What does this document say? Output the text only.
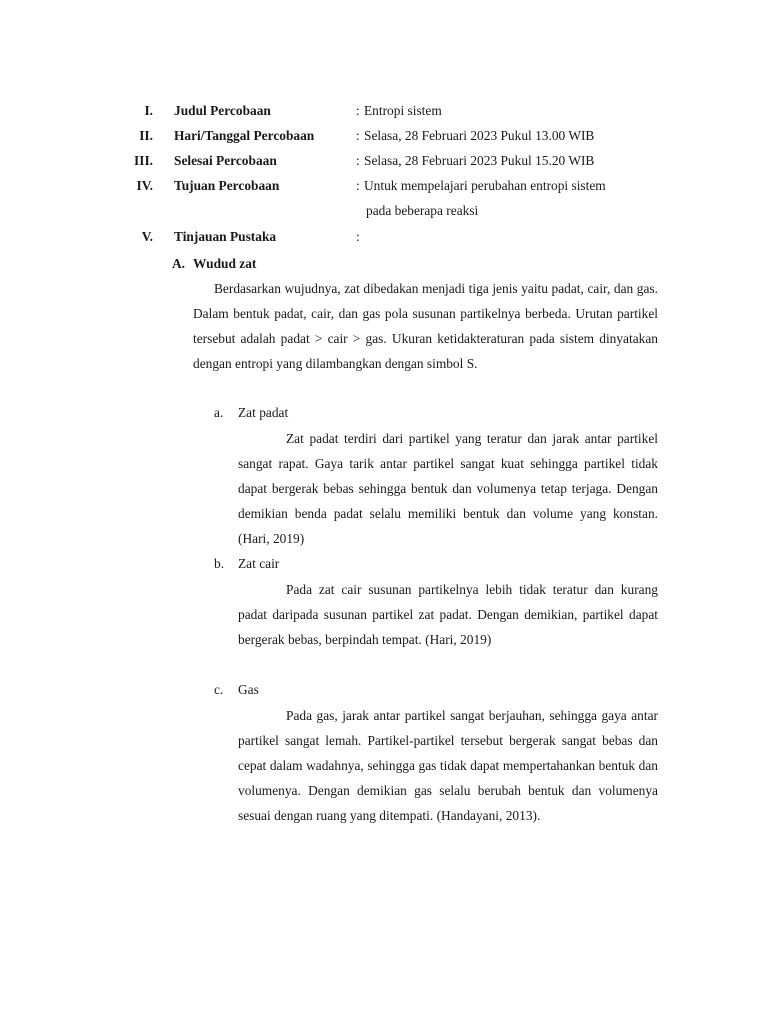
I. Judul Percobaan	: Entropi sistem
II. Hari/Tanggal Percobaan	: Selasa, 28 Februari 2023 Pukul 13.00 WIB
III. Selesai Percobaan	: Selasa, 28 Februari 2023 Pukul 15.20 WIB
IV. Tujuan Percobaan	: Untuk mempelajari perubahan entropi sistem
pada beberapa reaksi
V. Tinjauan Pustaka	:
A. Wudud zat

Berdasarkan wujudnya, zat dibedakan menjadi tiga jenis yaitu padat, cair, dan gas. Dalam bentuk padat, cair, dan gas pola susunan partikelnya berbeda. Urutan partikel tersebut adalah padat > cair > gas. Ukuran ketidakteraturan pada sistem dinyatakan dengan entropi yang dilambangkan dengan simbol S.

a. Zat padat

Zat padat terdiri dari partikel yang teratur dan jarak antar partikel sangat rapat. Gaya tarik antar partikel sangat kuat sehingga partikel tidak dapat bergerak bebas sehingga bentuk dan volumenya tetap terjaga. Dengan demikian benda padat selalu memiliki bentuk dan volume yang konstan. (Hari, 2019)

b. Zat cair

Pada zat cair susunan partikelnya lebih tidak teratur dan kurang padat daripada susunan partikel zat padat. Dengan demikian, partikel dapat bergerak bebas, berpindah tempat. (Hari, 2019)

c. Gas

Pada gas, jarak antar partikel sangat berjauhan, sehingga gaya antar partikel sangat lemah. Partikel-partikel tersebut bergerak sangat bebas dan cepat dalam wadahnya, sehingga gas tidak dapat mempertahankan bentuk dan volumenya. Dengan demikian gas selalu berubah bentuk dan volumenya sesuai dengan ruang yang ditempati. (Handayani, 2013).
